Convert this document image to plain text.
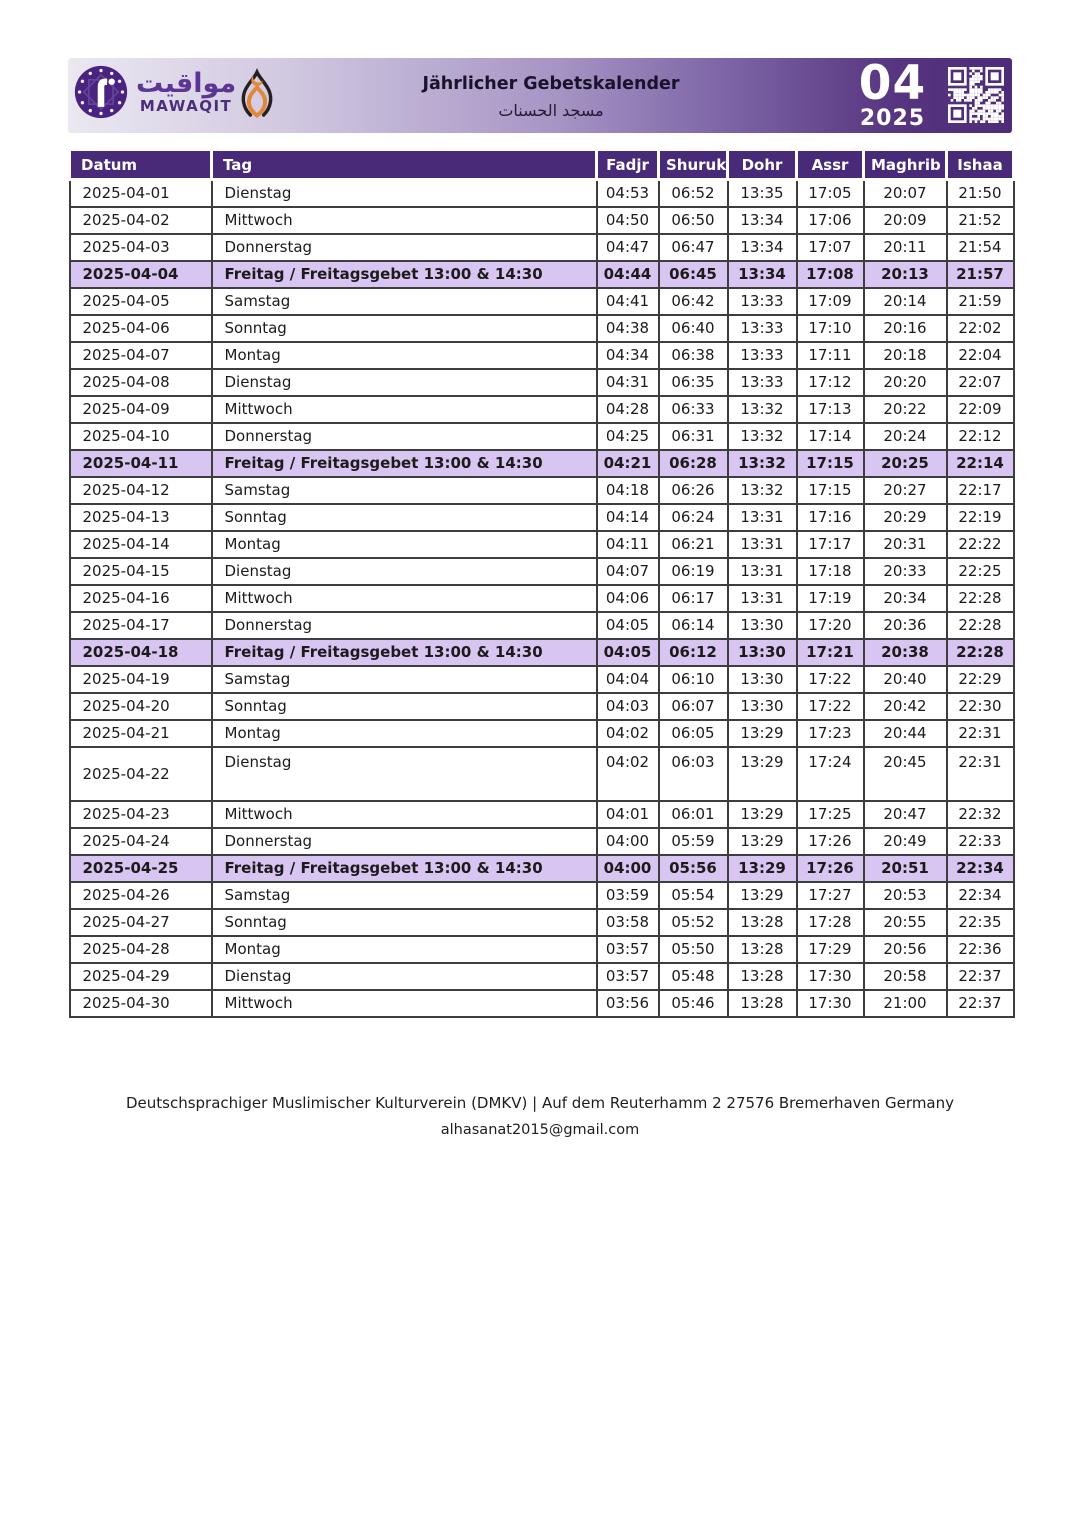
مواقيت
MAWAQIT
Jährlicher Gebetskalender
مسجد الحسنات	04
2025
Datum	Tag	Fadjr	Shuruk	Dohr	Assr	Maghrib	Ishaa
2025-04-01	Dienstag	04:53	06:52	13:35	17:05	20:07	21:50
2025-04-02	Mittwoch	04:50	06:50	13:34	17:06	20:09	21:52
2025-04-03	Donnerstag	04:47	06:47	13:34	17:07	20:11	21:54
2025-04-04	Freitag / Freitagsgebet 13:00 & 14:30	04:44	06:45	13:34	17:08	20:13	21:57
2025-04-05	Samstag	04:41	06:42	13:33	17:09	20:14	21:59
2025-04-06	Sonntag	04:38	06:40	13:33	17:10	20:16	22:02
2025-04-07	Montag	04:34	06:38	13:33	17:11	20:18	22:04
2025-04-08	Dienstag	04:31	06:35	13:33	17:12	20:20	22:07
2025-04-09	Mittwoch	04:28	06:33	13:32	17:13	20:22	22:09
2025-04-10	Donnerstag	04:25	06:31	13:32	17:14	20:24	22:12
2025-04-11	Freitag / Freitagsgebet 13:00 & 14:30	04:21	06:28	13:32	17:15	20:25	22:14
2025-04-12	Samstag	04:18	06:26	13:32	17:15	20:27	22:17
2025-04-13	Sonntag	04:14	06:24	13:31	17:16	20:29	22:19
2025-04-14	Montag	04:11	06:21	13:31	17:17	20:31	22:22
2025-04-15	Dienstag	04:07	06:19	13:31	17:18	20:33	22:25
2025-04-16	Mittwoch	04:06	06:17	13:31	17:19	20:34	22:28
2025-04-17	Donnerstag	04:05	06:14	13:30	17:20	20:36	22:28
2025-04-18	Freitag / Freitagsgebet 13:00 & 14:30	04:05	06:12	13:30	17:21	20:38	22:28
2025-04-19	Samstag	04:04	06:10	13:30	17:22	20:40	22:29
2025-04-20	Sonntag	04:03	06:07	13:30	17:22	20:42	22:30
2025-04-21	Montag	04:02	06:05	13:29	17:23	20:44	22:31
2025-04-22	Dienstag	04:02	06:03	13:29	17:24	20:45	22:31
2025-04-23	Mittwoch	04:01	06:01	13:29	17:25	20:47	22:32
2025-04-24	Donnerstag	04:00	05:59	13:29	17:26	20:49	22:33
2025-04-25	Freitag / Freitagsgebet 13:00 & 14:30	04:00	05:56	13:29	17:26	20:51	22:34
2025-04-26	Samstag	03:59	05:54	13:29	17:27	20:53	22:34
2025-04-27	Sonntag	03:58	05:52	13:28	17:28	20:55	22:35
2025-04-28	Montag	03:57	05:50	13:28	17:29	20:56	22:36
2025-04-29	Dienstag	03:57	05:48	13:28	17:30	20:58	22:37
2025-04-30	Mittwoch	03:56	05:46	13:28	17:30	21:00	22:37
Deutschsprachiger Muslimischer Kulturverein (DMKV) | Auf dem Reuterhamm 2 27576 Bremerhaven Germany
alhasanat2015@gmail.com
